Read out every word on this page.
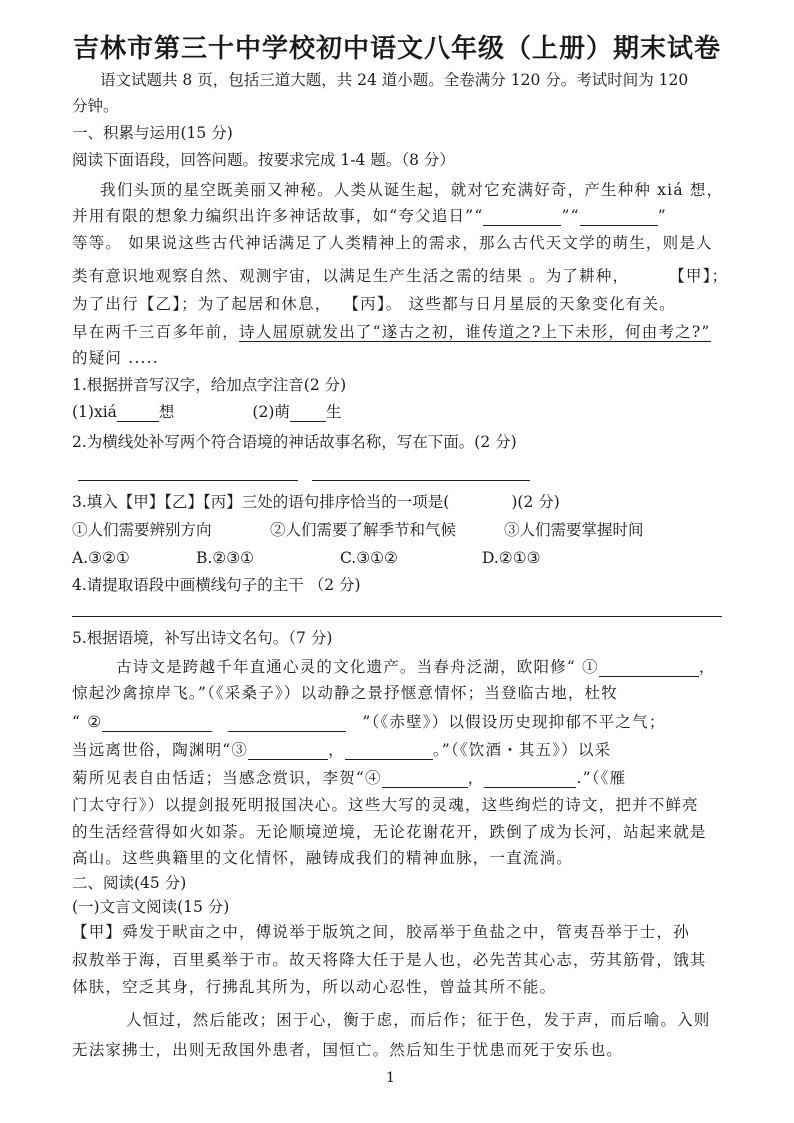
吉林市第三十中学校初中语文八年级（上册）期末试卷
语文试题共 8 页，包括三道大题，共 24 道小题。全卷满分 120 分。考试时间为 120
分钟。
一、积累与运用(15 分)
阅读下面语段，回答问题。按要求完成 1-4 题。（8 分）
我们头顶的星空既美丽又神秘。人类从诞生起，就对它充满好奇，产生种种 xiá 想，
并用有限的想象力编织出许多神话故事，如“夸父追日”“	”“	”
等等。 如果说这些古代神话满足了人类精神上的需求，那么古代天文学的萌生，则是人
类有意识地观察自然、观测宇宙，以满足生产生活之需的结果 。为了耕种，	【甲】；
为了出行【乙】；为了起居和休息， 【丙】。 这些都与日月星辰的天象变化有关。
早在两千三百多年前，诗人屈原就发出了“遂古之初，谁传道之?上下未形，何由考之?”
的疑问 .....
1.根据拼音写汉字，给加点字注音(2 分)
(1)xiá	想	(2)萌 生
2.为横线处补写两个符合语境的神话故事名称，写在下面。(2 分)
3.填入【甲】【乙】【丙】三处的语句排序恰当的一项是(	)(2 分)
①人们需要辨别方向	②人们需要了解季节和气候	③人们需要掌握时间
A.③②①	B.②③①	C.③①②	D.②①③
4.请提取语段中画横线句子的主干 （2 分)
5.根据语境，补写出诗文名句。（7 分)
古诗文是跨越千年直通心灵的文化遗产。当春舟泛湖，欧阳修“ ①	，
惊起沙禽掠岸飞。”（《采桑子》）以动静之景抒惬意情怀；当登临古地，杜牧
“ ②	”（《赤壁》）以假设历史现抑郁不平之气；
当远离世俗，陶渊明“③	，	。”（《饮酒・其五》）以采
菊所见表自由恬适；当感念赏识，李贺“④	，	.”（《雁
门太守行》）以提剑报死明报国决心。这些大写的灵魂，这些绚烂的诗文，把并不鲜亮
的生活经营得如火如荼。无论顺境逆境，无论花谢花开，跌倒了成为长河，站起来就是
高山。这些典籍里的文化情怀，融铸成我们的精神血脉，一直流淌。
二、阅读(45 分)
(一)文言文阅读(15 分)
【甲】舜发于畎亩之中，傅说举于版筑之间，胶鬲举于鱼盐之中，管夷吾举于士，孙
叔敖举于海，百里奚举于市。故天将降大任于是人也，必先苦其心志，劳其筋骨，饿其
体肤，空乏其身，行拂乱其所为，所以动心忍性，曾益其所不能。
人恒过，然后能改；困于心，衡于虑，而后作；征于色，发于声，而后喻。入则
无法家拂士，出则无敌国外患者，国恒亡。然后知生于忧患而死于安乐也。
1
